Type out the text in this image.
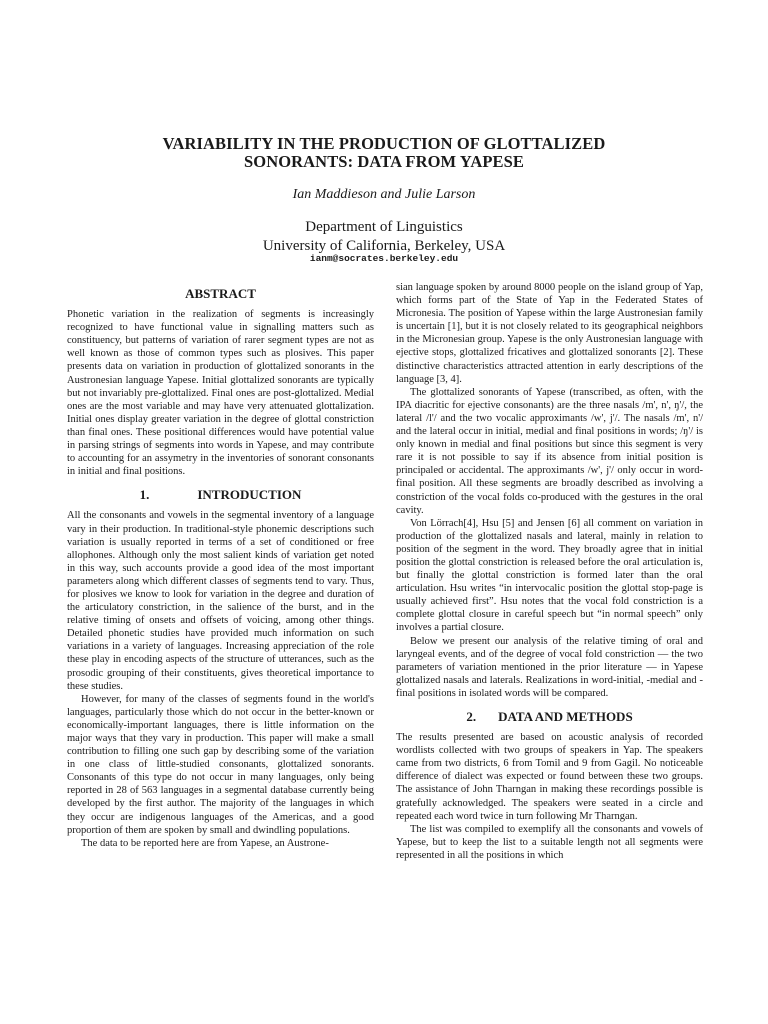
VARIABILITY IN THE PRODUCTION OF GLOTTALIZED
SONORANTS: DATA FROM YAPESE
Ian Maddieson and Julie Larson
Department of Linguistics
University of California, Berkeley, USA
ianm@socrates.berkeley.edu

ABSTRACT

Phonetic variation in the realization of segments is increasingly recognized to have functional value in signalling matters such as constituency, but patterns of variation of rarer segment types are not as well known as those of common types such as plosives. This paper presents data on variation in production of glottalized sonorants in the Austronesian language Yapese. Initial glottalized sonorants are typically but not invariably pre-glottalized. Final ones are post-glottalized. Medial ones are the most variable and may have very attenuated glottalization. Initial ones display greater variation in the degree of glottal constriction than final ones. These positional differences would have potential value in parsing strings of segments into words in Yapese, and may contribute to accounting for an assymetry in the inventories of sonorant consonants in initial and final positions.

1.	INTRODUCTION

All the consonants and vowels in the segmental inventory of a language vary in their production. In traditional-style phonemic descriptions such variation is usually reported in terms of a set of conditioned or free allophones. Although only the most salient kinds of variation get noted in this way, such accounts provide a good idea of the most important parameters along which different classes of segments tend to vary. Thus, for plosives we know to look for variation in the degree and duration of the articulatory constriction, in the salience of the burst, and in the relative timing of onsets and offsets of voicing, among other things. Detailed phonetic studies have provided much information on such variations in a variety of languages. Increasing appreciation of the role these play in encoding aspects of the structure of utterances, such as the prosodic grouping of their constituents, gives theoretical importance to these studies.

However, for many of the classes of segments found in the world's languages, particularly those which do not occur in the better-known or economically-important languages, there is little information on the major ways that they vary in production. This paper will make a small contribution to filling one such gap by describing some of the variation in one class of little-studied consonants, glottalized sonorants. Consonants of this type do not occur in many languages, only being reported in 28 of 563 languages in a segmental database currently being developed by the first author. The majority of the languages in which they occur are indigenous languages of the Americas, and a good proportion of them are spoken by small and dwindling populations.

The data to be reported here are from Yapese, an Austrone-

sian language spoken by around 8000 people on the island group of Yap, which forms part of the State of Yap in the Federated States of Micronesia. The position of Yapese within the large Austronesian family is uncertain [1], but it is not closely related to its geographical neighbors in the Micronesian group. Yapese is the only Austronesian language with ejective stops, glottalized fricatives and glottalized sonorants [2]. These distinctive characteristics attracted attention in early descriptions of the language [3, 4].

The glottalized sonorants of Yapese (transcribed, as often, with the IPA diacritic for ejective consonants) are the three nasals /m', n', ŋ'/, the lateral /l'/ and the two vocalic approximants /w', j'/. The nasals /m', n'/ and the lateral occur in initial, medial and final positions in words; /ŋ'/ is only known in medial and final positions but since this segment is very rare it is not possible to say if its absence from initial position is principaled or accidental. The approximants /w', j'/ only occur in word-final position. All these segments are broadly described as involving a constriction of the vocal folds co-produced with the gestures in the oral cavity.

Von Lörrach[4], Hsu [5] and Jensen [6] all comment on variation in production of the glottalized nasals and lateral, mainly in relation to position of the segment in the word. They broadly agree that in initial position the glottal constriction is released before the oral articulation is, but finally the glottal constriction is formed later than the oral articulation. Hsu writes “in intervocalic position the glottal stop-page is usually achieved first”. Hsu notes that the vocal fold constriction is a complete glottal closure in careful speech but “in normal speech” only involves a partial closure.

Below we present our analysis of the relative timing of oral and laryngeal events, and of the degree of vocal fold constriction — the two parameters of variation mentioned in the prior literature — in Yapese glottalized nasals and laterals. Realizations in word-initial, -medial and -final positions in isolated words will be compared.

2. DATA AND METHODS

The results presented are based on acoustic analysis of recorded wordlists collected with two groups of speakers in Yap. The speakers came from two districts, 6 from Tomil and 9 from Gagil. No noticeable difference of dialect was expected or found between these two groups. The assistance of John Tharngan in making these recordings possible is gratefully acknowledged. The speakers were seated in a circle and repeated each word twice in turn following Mr Tharngan.

The list was compiled to exemplify all the consonants and vowels of Yapese, but to keep the list to a suitable length not all segments were represented in all the positions in which
